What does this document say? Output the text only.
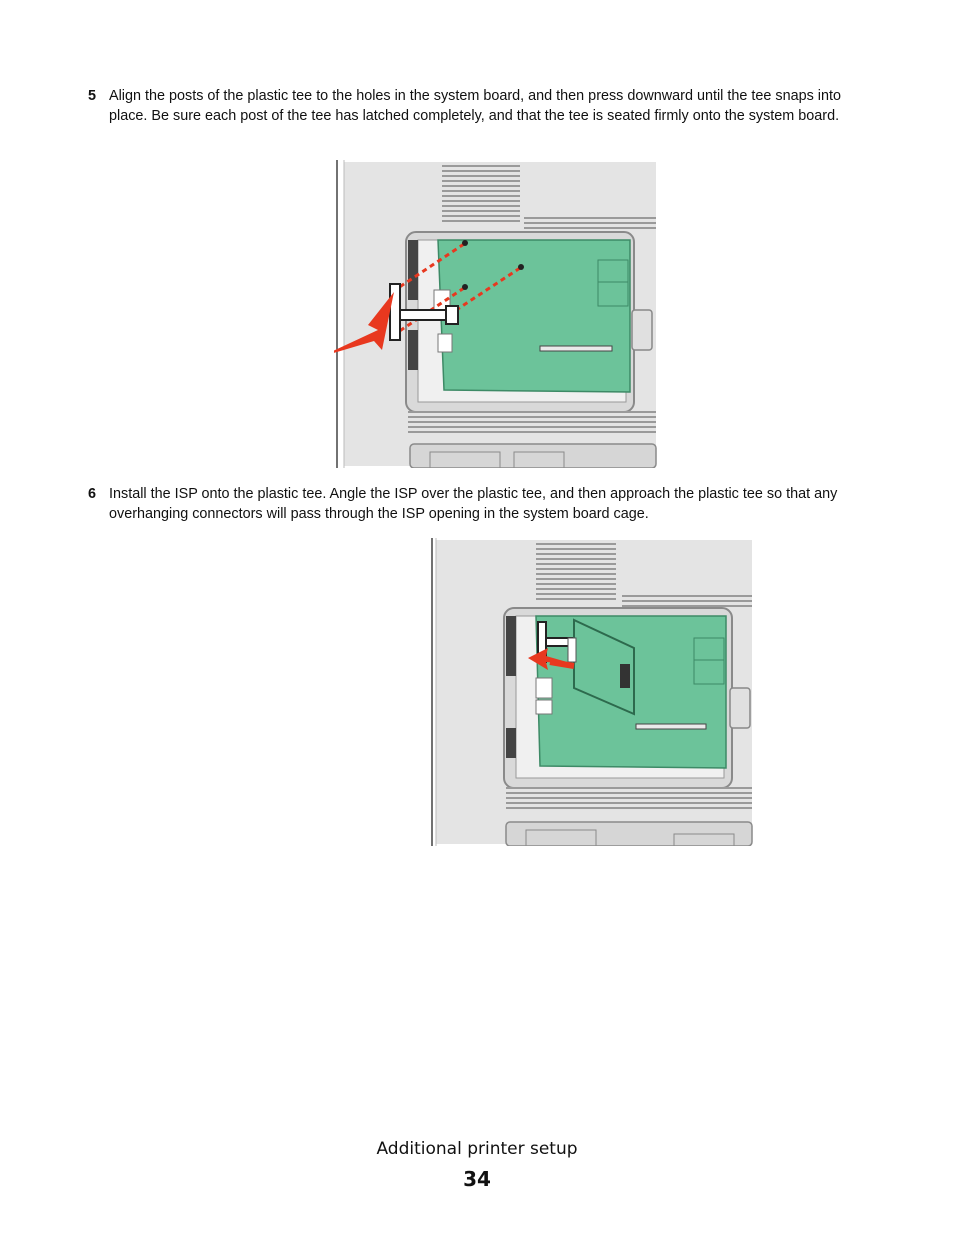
5 Align the posts of the plastic tee to the holes in the system board, and then press downward until the tee snaps into place. Be sure each post of the tee has latched completely, and that the tee is seated firmly onto the system board.
6 Install the ISP onto the plastic tee. Angle the ISP over the plastic tee, and then approach the plastic tee so that any overhanging connectors will pass through the ISP opening in the system board cage.
Additional printer setup
34
